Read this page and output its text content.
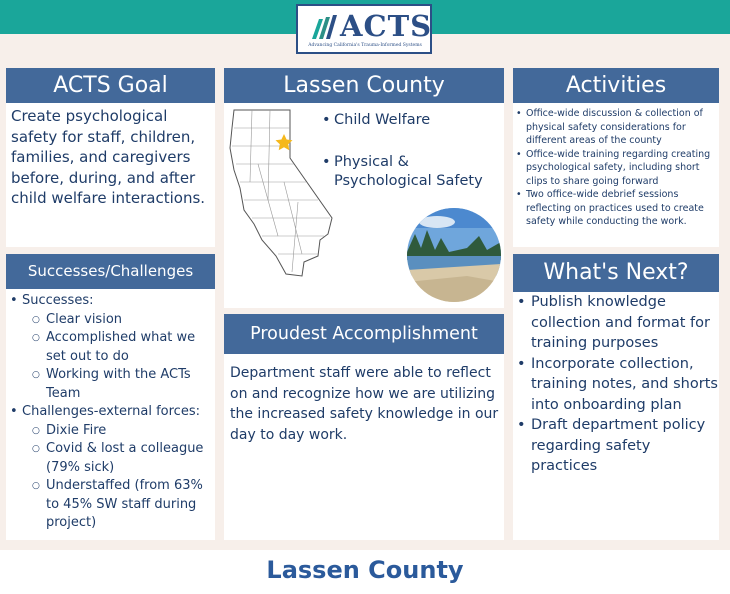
ACTS
Advancing California's Trauma-Informed Systems
ACTS Goal
Create psychological safety for staff, children, families, and caregivers before, during, and after child welfare interactions.
Lassen County
• Child Welfare
• Physical & Psychological Safety
Activities
• Office-wide discussion & collection of physical safety considerations for different areas of the county
• Office-wide training regarding creating psychological safety, including short clips to share going forward
• Two office-wide debrief sessions reflecting on practices used to create safety while conducting the work.
Successes/Challenges
• Successes:
○ Clear vision
○ Accomplished what we set out to do
○ Working with the ACTs Team
• Challenges-external forces:
○ Dixie Fire
○ Covid & lost a colleague (79% sick)
○ Understaffed (from 63% to 45% SW staff during project)
Proudest Accomplishment
Department staff were able to reflect on and recognize how we are utilizing the increased safety knowledge in our day to day work.
What's Next?
• Publish knowledge collection and format for training purposes
• Incorporate collection, training notes, and shorts into onboarding plan
• Draft department policy regarding safety practices
Lassen County
